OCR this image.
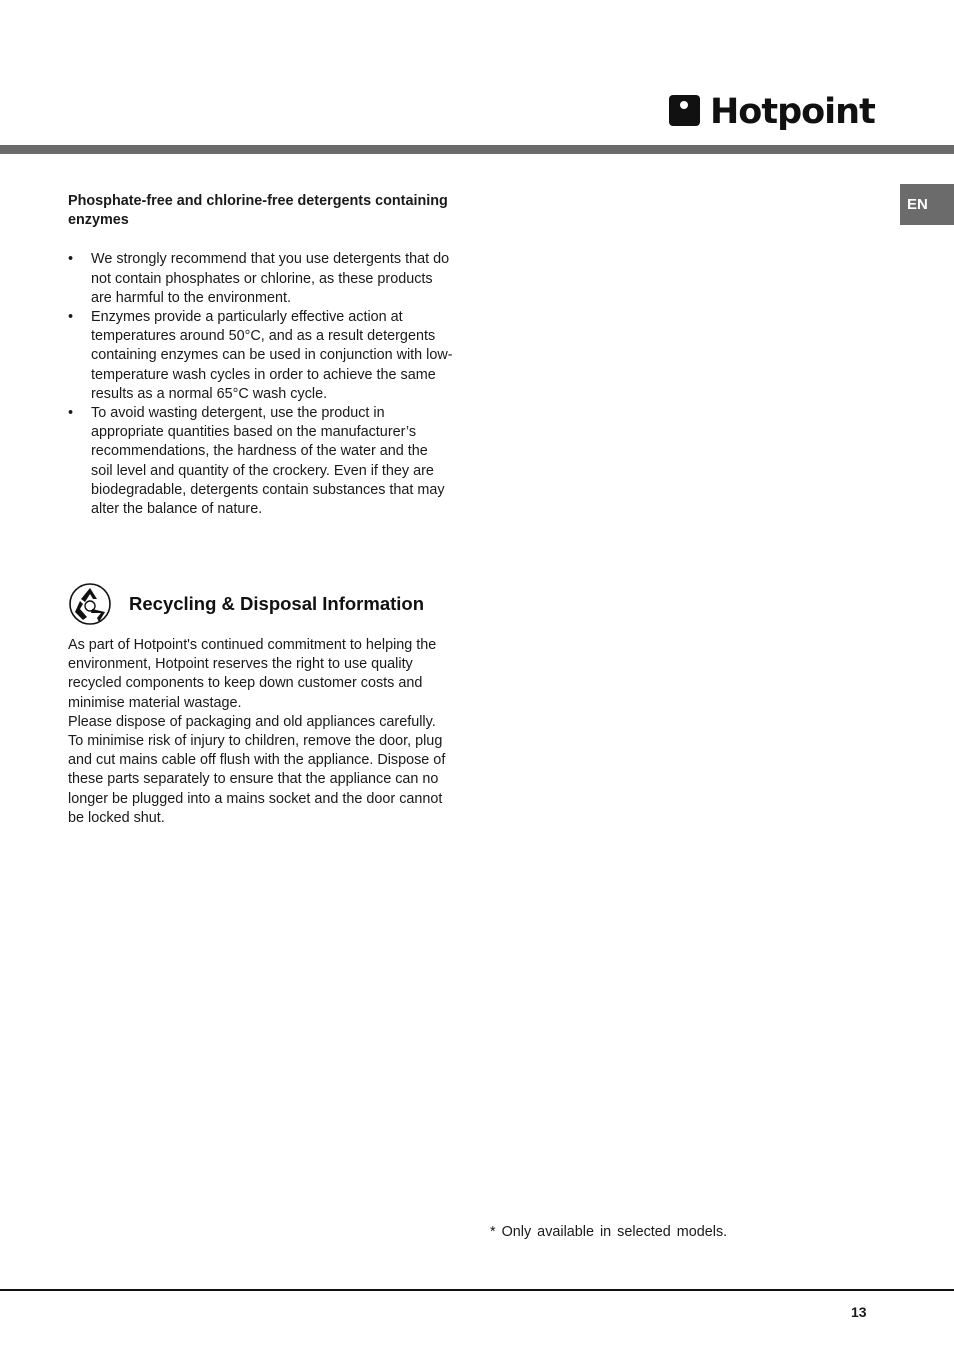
Hotpoint
EN

Phosphate-free and chlorine-free detergents containing enzymes

• We strongly recommend that you use detergents that do not contain phosphates or chlorine, as these products are harmful to the environment.
• Enzymes provide a particularly effective action at temperatures around 50°C, and as a result detergents containing enzymes can be used in conjunction with low-temperature wash cycles in order to achieve the same results as a normal 65°C wash cycle.
• To avoid wasting detergent, use the product in appropriate quantities based on the manufacturer’s recommendations, the hardness of the water and the soil level and quantity of the crockery. Even if they are biodegradable, detergents contain substances that may alter the balance of nature.
Recycling & Disposal Information

As part of Hotpoint's continued commitment to helping the environment, Hotpoint reserves the right to use quality recycled components to keep down customer costs and minimise material wastage.

Please dispose of packaging and old appliances carefully.

To minimise risk of injury to children, remove the door, plug and cut mains cable off flush with the appliance. Dispose of these parts separately to ensure that the appliance can no longer be plugged into a mains socket and the door cannot be locked shut.

* Only available in selected models.
13
